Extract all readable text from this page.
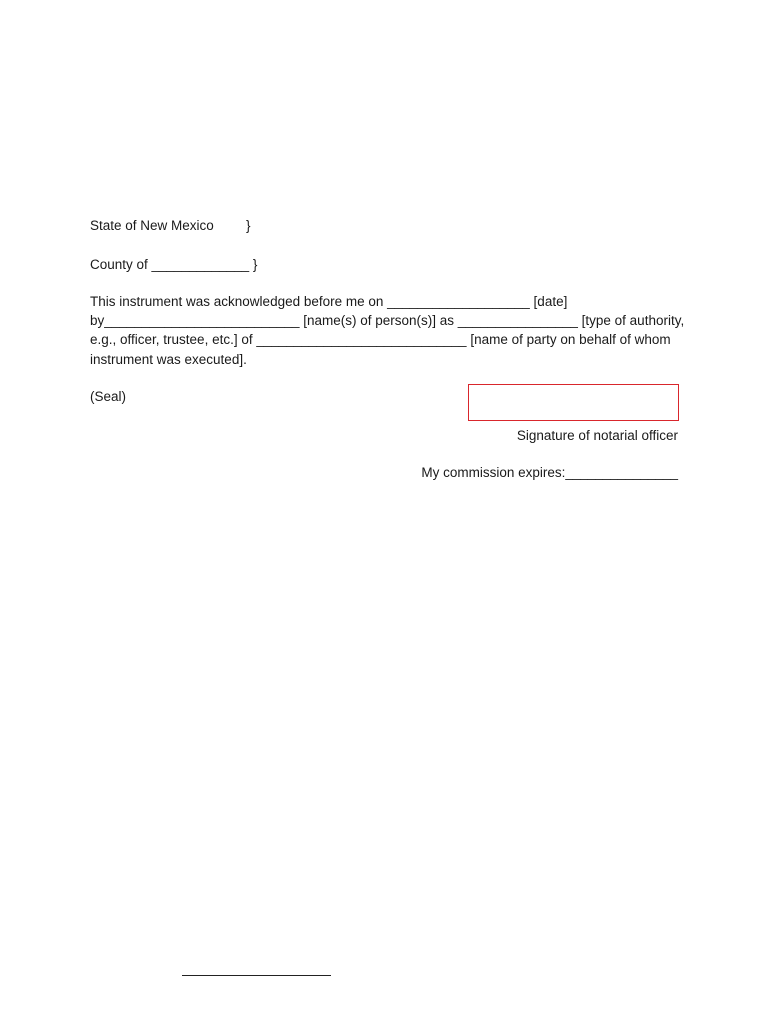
State of New Mexico }
County of _____________ }
This instrument was acknowledged before me on ___________________ [date]
by__________________________ [name(s) of person(s)] as ________________ [type of authority,
e.g., officer, trustee, etc.] of ____________________________ [name of party on behalf of whom
instrument was executed].
(Seal)
Signature of notarial officer
My commission expires:_______________
